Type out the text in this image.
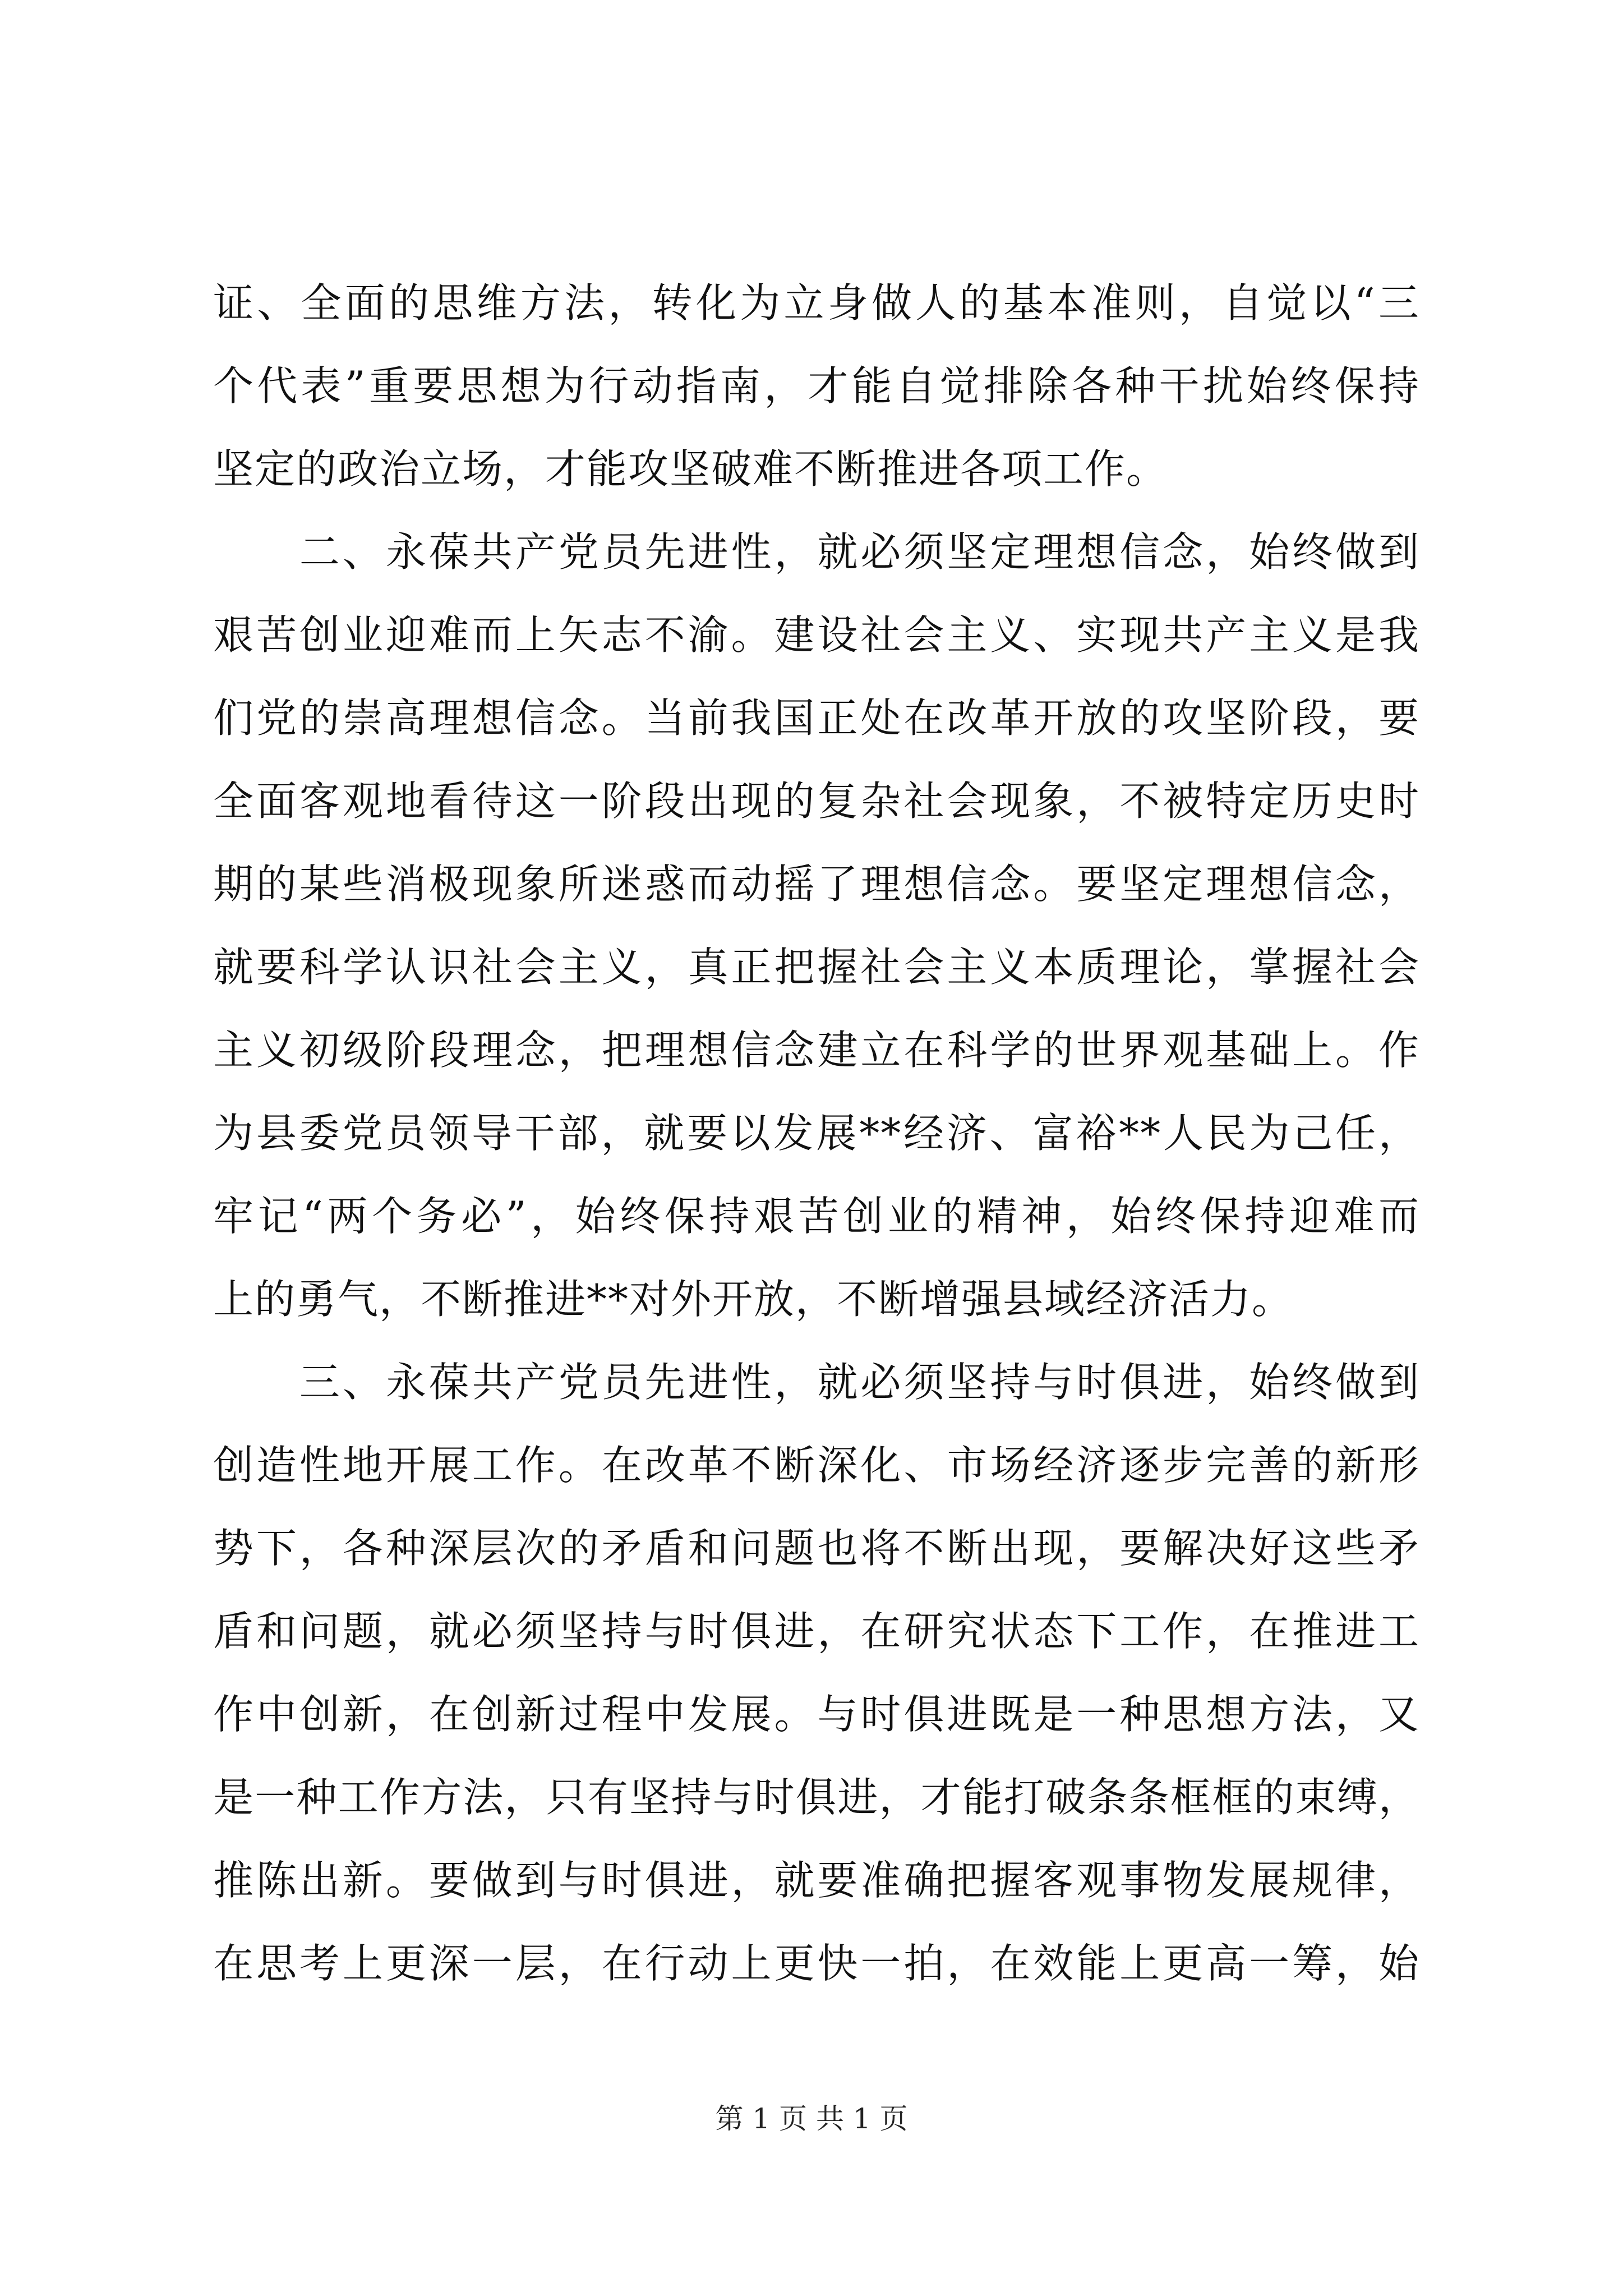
证、全面的思维方法，转化为立身做人的基本准则，自觉以“三
个代表”重要思想为行动指南，才能自觉排除各种干扰始终保持
坚定的政治立场，才能攻坚破难不断推进各项工作。
　　二、永葆共产党员先进性，就必须坚定理想信念，始终做到
艰苦创业迎难而上矢志不渝。建设社会主义、实现共产主义是我
们党的崇高理想信念。当前我国正处在改革开放的攻坚阶段，要
全面客观地看待这一阶段出现的复杂社会现象，不被特定历史时
期的某些消极现象所迷惑而动摇了理想信念。要坚定理想信念，
就要科学认识社会主义，真正把握社会主义本质理论，掌握社会
主义初级阶段理念，把理想信念建立在科学的世界观基础上。作
为县委党员领导干部，就要以发展**经济、富裕**人民为己任，
牢记“两个务必”，始终保持艰苦创业的精神，始终保持迎难而
上的勇气，不断推进**对外开放，不断增强县域经济活力。
　　三、永葆共产党员先进性，就必须坚持与时俱进，始终做到
创造性地开展工作。在改革不断深化、市场经济逐步完善的新形
势下，各种深层次的矛盾和问题也将不断出现，要解决好这些矛
盾和问题，就必须坚持与时俱进，在研究状态下工作，在推进工
作中创新，在创新过程中发展。与时俱进既是一种思想方法，又
是一种工作方法，只有坚持与时俱进，才能打破条条框框的束缚，
推陈出新。要做到与时俱进，就要准确把握客观事物发展规律，
在思考上更深一层，在行动上更快一拍，在效能上更高一筹，始
第 1 页 共 1 页
